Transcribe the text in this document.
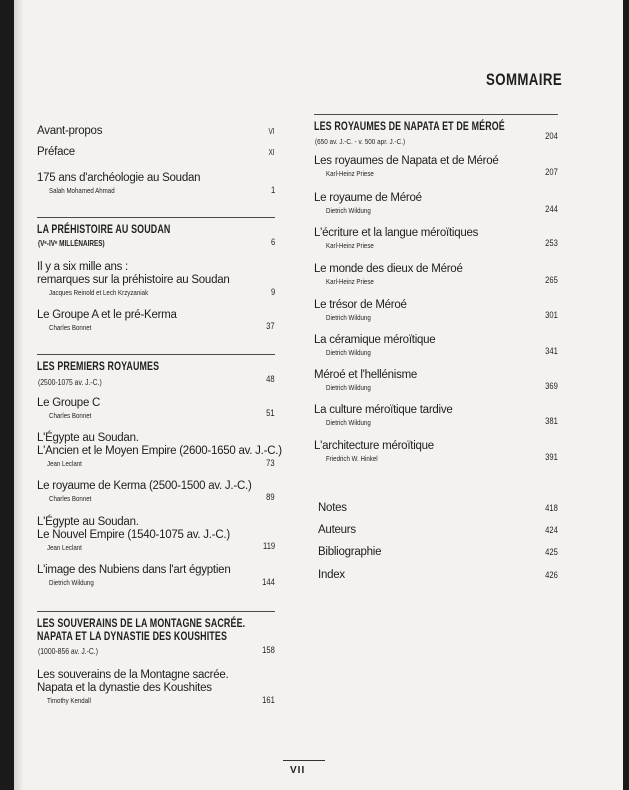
SOMMAIRE
Avant-propos	VI
Préface	XI
175 ans d'archéologie au Soudan
Salah Mohamed Ahmad	1
LA PRÉHISTOIRE AU SOUDAN
(Vᵉ-IVᵉ MILLÉNAIRES)	6
Il y a six mille ans :
remarques sur la préhistoire au Soudan
Jacques Reinold et Lech Krzyzaniak	9
Le Groupe A et le pré-Kerma
Charles Bonnet	37
LES PREMIERS ROYAUMES
(2500-1075 av. J.-C.)	48
Le Groupe C
Charles Bonnet	51
L'Égypte au Soudan.
L'Ancien et le Moyen Empire (2600-1650 av. J.-C.)
Jean Leclant	73
Le royaume de Kerma (2500-1500 av. J.-C.)
Charles Bonnet	89
L'Égypte au Soudan.
Le Nouvel Empire (1540-1075 av. J.-C.)
Jean Leclant	119
L'image des Nubiens dans l'art égyptien
Dietrich Wildung	144
LES SOUVERAINS DE LA MONTAGNE SACRÉE.
NAPATA ET LA DYNASTIE DES KOUSHITES
(1000-856 av. J.-C.)	158
Les souverains de la Montagne sacrée.
Napata et la dynastie des Koushites
Timothy Kendall	161
LES ROYAUMES DE NAPATA ET DE MÉROÉ
(650 av. J.-C. - v. 500 apr. J.-C.)	204
Les royaumes de Napata et de Méroé
Karl-Heinz Priese	207
Le royaume de Méroé
Dietrich Wildung	244
L'écriture et la langue méroïtiques
Karl-Heinz Priese	253
Le monde des dieux de Méroé
Karl-Heinz Priese	265
Le trésor de Méroé
Dietrich Wildung	301
La céramique méroïtique
Dietrich Wildung	341
Méroé et l'hellénisme
Dietrich Wildung	369
La culture méroïtique tardive
Dietrich Wildung	381
L'architecture méroïtique
Friedrich W. Hinkel	391
Notes	418
Auteurs	424
Bibliographie	425
Index	426
VII
